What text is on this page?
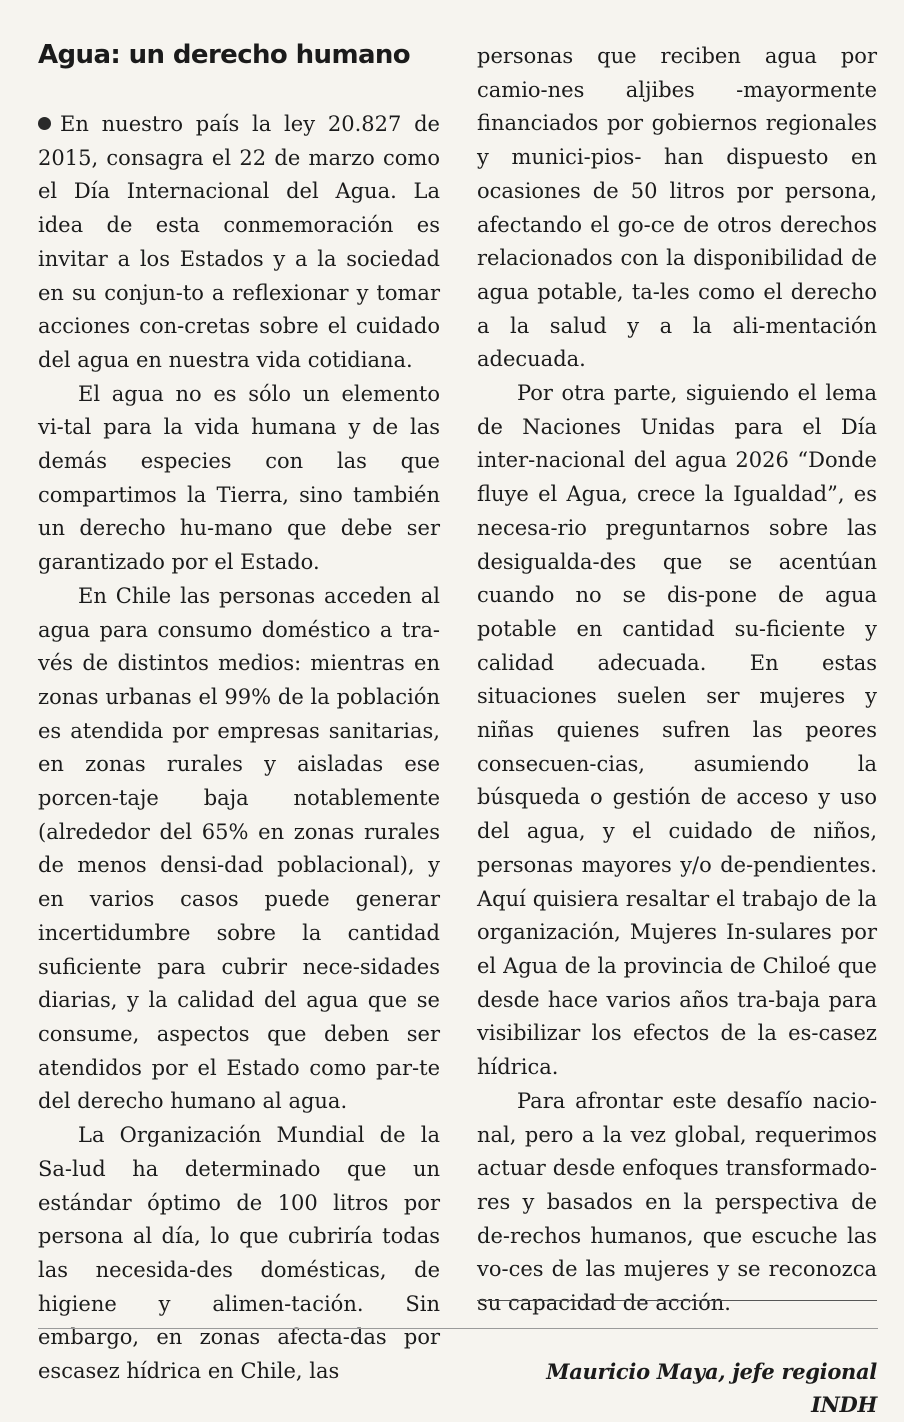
Agua: un derecho humano

En nuestro país la ley 20.827 de 2015, consagra el 22 de marzo como el Día Internacional del Agua. La idea de esta conmemoración es invitar a los Estados y a la sociedad en su conjun-to a reflexionar y tomar acciones con-cretas sobre el cuidado del agua en nuestra vida cotidiana.

El agua no es sólo un elemento vi-tal para la vida humana y de las demás especies con las que compartimos la Tierra, sino también un derecho hu-mano que debe ser garantizado por el Estado.

En Chile las personas acceden al agua para consumo doméstico a tra-vés de distintos medios: mientras en zonas urbanas el 99% de la población es atendida por empresas sanitarias, en zonas rurales y aisladas ese porcen-taje baja notablemente (alrededor del 65% en zonas rurales de menos densi-dad poblacional), y en varios casos puede generar incertidumbre sobre la cantidad suficiente para cubrir nece-sidades diarias, y la calidad del agua que se consume, aspectos que deben ser atendidos por el Estado como par-te del derecho humano al agua.

La Organización Mundial de la Sa-lud ha determinado que un estándar óptimo de 100 litros por persona al día, lo que cubriría todas las necesida-des domésticas, de higiene y alimen-tación. Sin embargo, en zonas afecta-das por escasez hídrica en Chile, las

personas que reciben agua por camio-nes aljibes -mayormente financiados por gobiernos regionales y munici-pios- han dispuesto en ocasiones de 50 litros por persona, afectando el go-ce de otros derechos relacionados con la disponibilidad de agua potable, ta-les como el derecho a la salud y a la ali-mentación adecuada.

Por otra parte, siguiendo el lema de Naciones Unidas para el Día inter-nacional del agua 2026 “Donde fluye el Agua, crece la Igualdad”, es necesa-rio preguntarnos sobre las desigualda-des que se acentúan cuando no se dis-pone de agua potable en cantidad su-ficiente y calidad adecuada. En estas situaciones suelen ser mujeres y niñas quienes sufren las peores consecuen-cias, asumiendo la búsqueda o gestión de acceso y uso del agua, y el cuidado de niños, personas mayores y/o de-pendientes. Aquí quisiera resaltar el trabajo de la organización, Mujeres In-sulares por el Agua de la provincia de Chiloé que desde hace varios años tra-baja para visibilizar los efectos de la es-casez hídrica.

Para afrontar este desafío nacio-nal, pero a la vez global, requerimos actuar desde enfoques transformado-res y basados en la perspectiva de de-rechos humanos, que escuche las vo-ces de las mujeres y se reconozca su capacidad de acción.

Mauricio Maya, jefe regional INDH
